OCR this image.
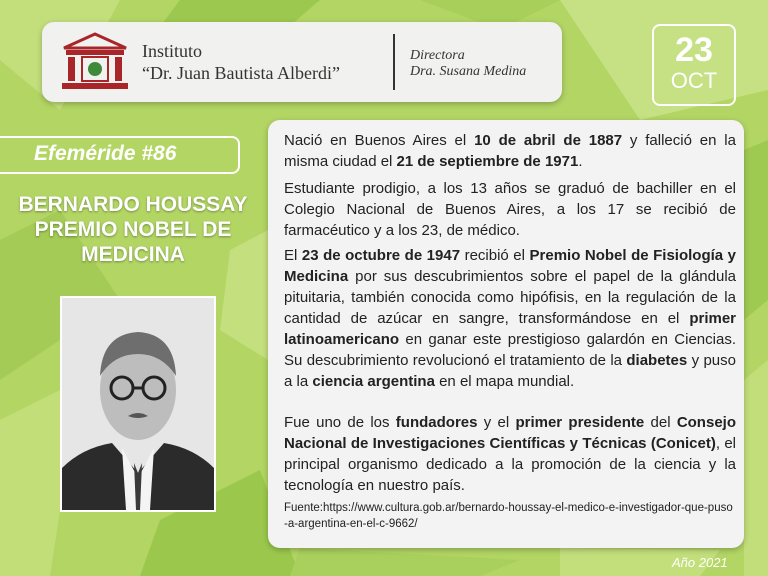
Instituto
“Dr. Juan Bautista Alberdi”
Directora
Dra. Susana Medina
23
OCT
Efeméride #86
BERNARDO HOUSSAY
PREMIO NOBEL DE
MEDICINA

Nació en Buenos Aires el 10 de abril de 1887 y falleció en la misma ciudad el 21 de septiembre de 1971.

Estudiante prodigio, a los 13 años se graduó de bachiller en el Colegio Nacional de Buenos Aires, a los 17 se recibió de farmacéutico y a los 23, de médico.

El 23 de octubre de 1947 recibió el Premio Nobel de Fisiología y Medicina por sus descubrimientos sobre el papel de la glándula pituitaria, también conocida como hipófisis, en la regulación de la cantidad de azúcar en sangre, transformándose en el primer latinoamericano en ganar este prestigioso galardón en Ciencias. Su descubrimiento revolucionó el tratamiento de la diabetes y puso a la ciencia argentina en el mapa mundial.

Fue uno de los fundadores y el primer presidente del Consejo Nacional de Investigaciones Científicas y Técnicas (Conicet), el principal organismo dedicado a la promoción de la ciencia y la tecnología en nuestro país.

Fuente:https://www.cultura.gob.ar/bernardo-houssay-el-medico-e-investigador-que-puso-a-argentina-en-el-c-9662/
Año 2021
